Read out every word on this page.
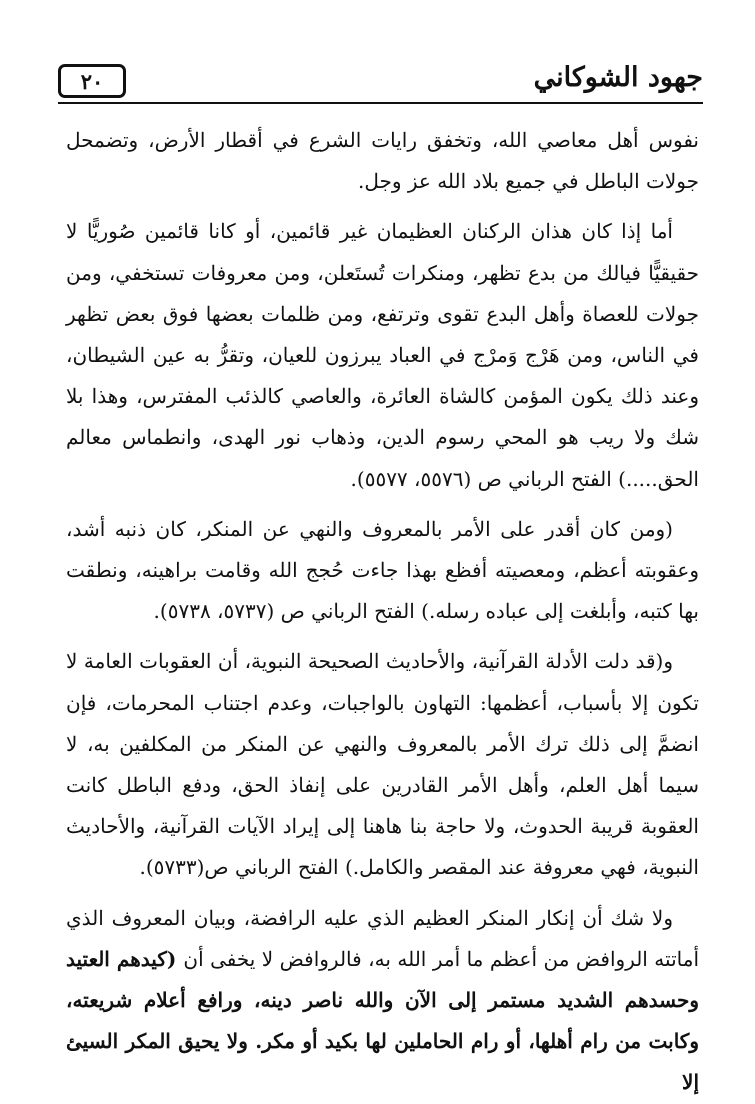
جهود الشوكاني
٢٠

نفوس أهل معاصي الله، وتخفق رايات الشرع في أقطار الأرض، وتضمحل جولات الباطل في جميع بلاد الله عز وجل.

أما إذا كان هذان الركنان العظيمان غير قائمين، أو كانا قائمين صُوريًّا لا حقيقيًّا فيالك من بدع تظهر، ومنكرات تُستَعلن، ومن معروفات تستخفي، ومن جولات للعصاة وأهل البدع تقوى وترتفع، ومن ظلمات بعضها فوق بعض تظهر في الناس، ومن هَرْج وَمرْج في العباد يبرزون للعيان، وتقرُّ به عين الشيطان، وعند ذلك يكون المؤمن كالشاة العائرة، والعاصي كالذئب المفترس، وهذا بلا شك ولا ريب هو المحي رسوم الدين، وذهاب نور الهدى، وانطماس معالم الحق.....) الفتح الرباني ص (٥٥٧٦، ٥٥٧٧).

(ومن كان أقدر على الأمر بالمعروف والنهي عن المنكر، كان ذنبه أشد، وعقوبته أعظم، ومعصيته أفظع بهذا جاءت حُجج الله وقامت براهينه، ونطقت بها كتبه، وأبلغت إلى عباده رسله.) الفتح الرباني ص (٥٧٣٧، ٥٧٣٨).

و(قد دلت الأدلة القرآنية، والأحاديث الصحيحة النبوية، أن العقوبات العامة لا تكون إلا بأسباب، أعظمها: التهاون بالواجبات، وعدم اجتناب المحرمات، فإن انضمَّ إلى ذلك ترك الأمر بالمعروف والنهي عن المنكر من المكلفين به، لا سيما أهل العلم، وأهل الأمر القادرين على إنفاذ الحق، ودفع الباطل كانت العقوبة قريبة الحدوث، ولا حاجة بنا هاهنا إلى إيراد الآيات القرآنية، والأحاديث النبوية، فهي معروفة عند المقصر والكامل.) الفتح الرباني ص(٥٧٣٣).

ولا شك أن إنكار المنكر العظيم الذي عليه الرافضة، وبيان المعروف الذي أماتته الروافض من أعظم ما أمر الله به، فالروافض لا يخفى أن (كيدهم العتيد وحسدهم الشديد مستمر إلى الآن والله ناصر دينه، ورافع أعلام شريعته، وكابت من رام أهلها، أو رام الحاملين لها بكيد أو مكر. ولا يحيق المكر السيئ إلا
